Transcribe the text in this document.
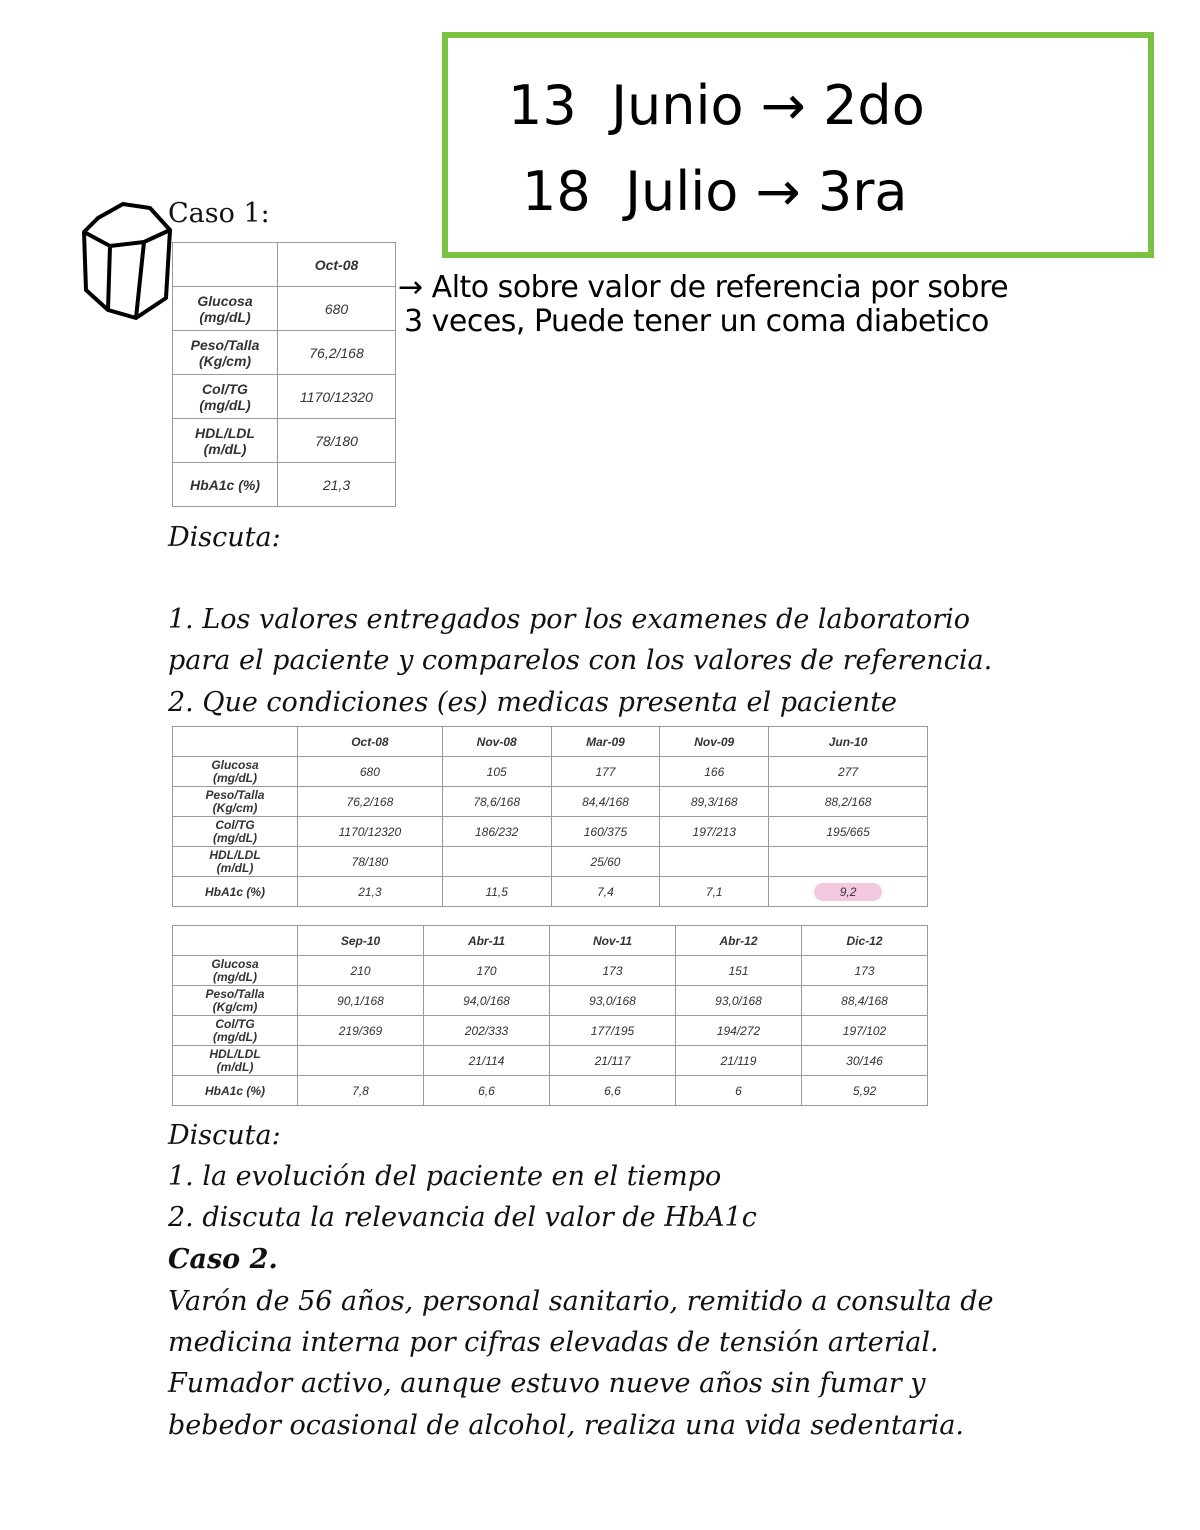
13 Junio → 2do
18 Julio → 3ra
Caso 1:
→ Alto sobre valor de referencia por sobre
3 veces, Puede tener un coma diabetico
	Oct-08
Glucosa
(mg/dL)	680
Peso/Talla
(Kg/cm)	76,2/168
Col/TG
(mg/dL)	1170/12320
HDL/LDL
(m/dL)	78/180
HbA1c (%)	21,3
Discuta:
1. Los valores entregados por los examenes de laboratorio
para el paciente y comparelos con los valores de referencia.
2. Que condiciones (es) medicas presenta el paciente
	Oct-08	Nov-08	Mar-09	Nov-09	Jun-10
Glucosa
(mg/dL)	680	105	177	166	277
Peso/Talla
(Kg/cm)	76,2/168	78,6/168	84,4/168	89,3/168	88,2/168
Col/TG
(mg/dL)	1170/12320	186/232	160/375	197/213	195/665
HDL/LDL
(m/dL)	78/180		25/60		
HbA1c (%)	21,3	11,5	7,4	7,1	9,2
	Sep-10	Abr-11	Nov-11	Abr-12	Dic-12
Glucosa
(mg/dL)	210	170	173	151	173
Peso/Talla
(Kg/cm)	90,1/168	94,0/168	93,0/168	93,0/168	88,4/168
Col/TG
(mg/dL)	219/369	202/333	177/195	194/272	197/102
HDL/LDL
(m/dL)		21/114	21/117	21/119	30/146
HbA1c (%)	7,8	6,6	6,6	6	5,92
Discuta:
1. la evolución del paciente en el tiempo
2. discuta la relevancia del valor de HbA1c
Caso 2.
Varón de 56 años, personal sanitario, remitido a consulta de
medicina interna por cifras elevadas de tensión arterial.
Fumador activo, aunque estuvo nueve años sin fumar y
bebedor ocasional de alcohol, realiza una vida sedentaria.
